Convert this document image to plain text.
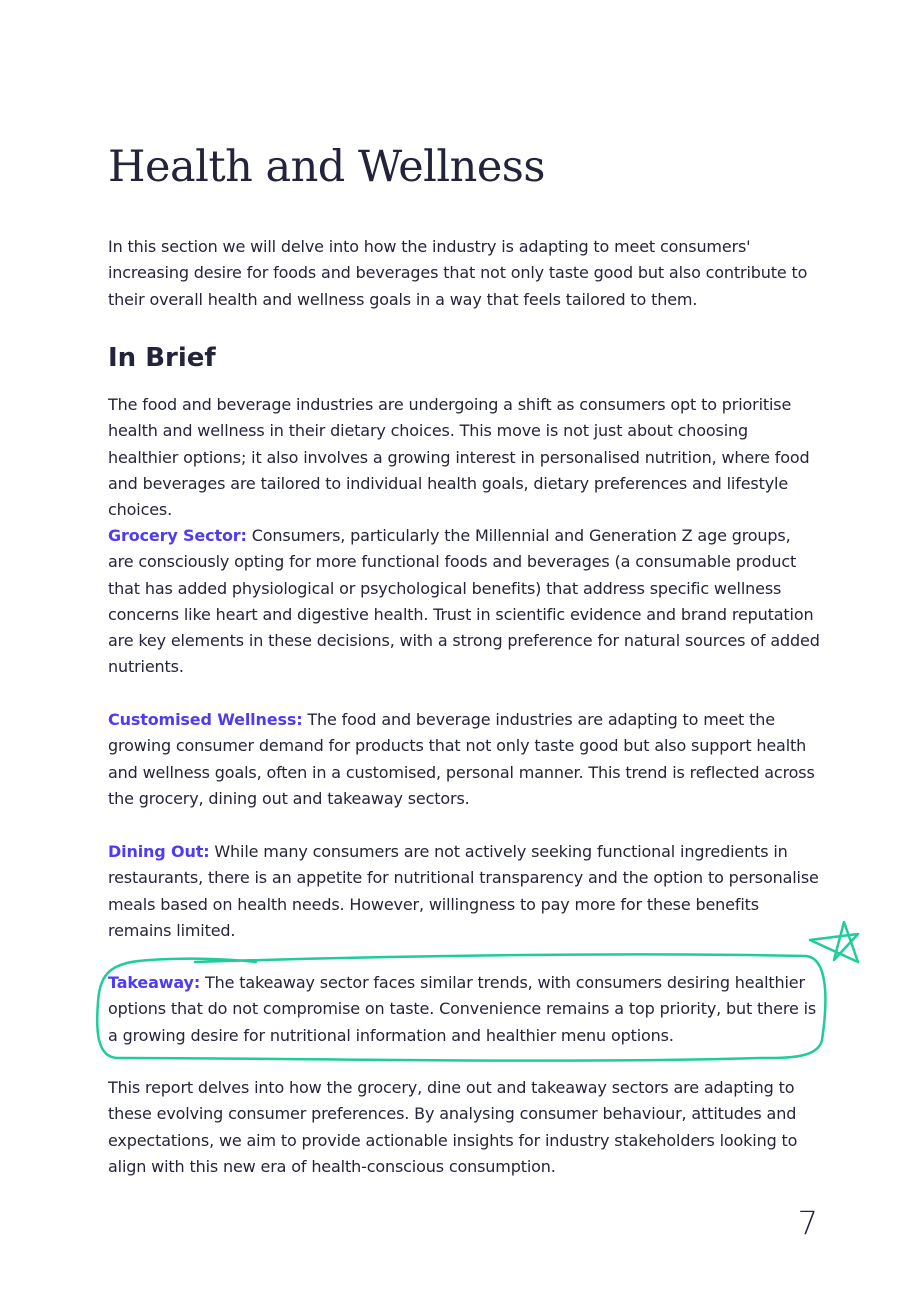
Health and Wellness

In this section we will delve into how the industry is adapting to meet consumers' increasing desire for foods and beverages that not only taste good but also contribute to their overall health and wellness goals in a way that feels tailored to them.

In Brief

The food and beverage industries are undergoing a shift as consumers opt to prioritise health and wellness in their dietary choices. This move is not just about choosing healthier options; it also involves a growing interest in personalised nutrition, where food and beverages are tailored to individual health goals, dietary preferences and lifestyle choices.

Grocery Sector: Consumers, particularly the Millennial and Generation Z age groups, are consciously opting for more functional foods and beverages (a consumable product that has added physiological or psychological benefits) that address specific wellness concerns like heart and digestive health. Trust in scientific evidence and brand reputation are key elements in these decisions, with a strong preference for natural sources of added nutrients.

Customised Wellness: The food and beverage industries are adapting to meet the growing consumer demand for products that not only taste good but also support health and wellness goals, often in a customised, personal manner. This trend is reflected across the grocery, dining out and takeaway sectors.

Dining Out: While many consumers are not actively seeking functional ingredients in restaurants, there is an appetite for nutritional transparency and the option to personalise meals based on health needs. However, willingness to pay more for these benefits remains limited.

Takeaway: The takeaway sector faces similar trends, with consumers desiring healthier options that do not compromise on taste. Convenience remains a top priority, but there is a growing desire for nutritional information and healthier menu options.

This report delves into how the grocery, dine out and takeaway sectors are adapting to these evolving consumer preferences. By analysing consumer behaviour, attitudes and expectations, we aim to provide actionable insights for industry stakeholders looking to align with this new era of health-conscious consumption.

7
